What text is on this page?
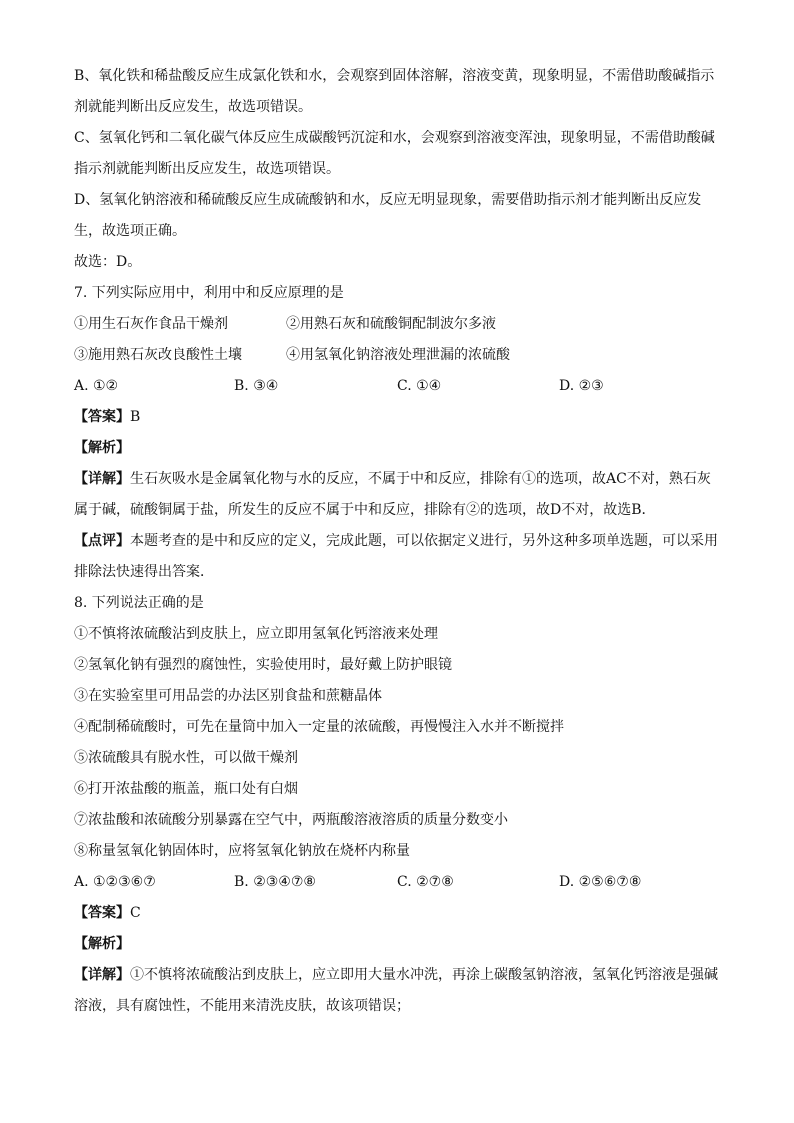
B、氧化铁和稀盐酸反应生成氯化铁和水，会观察到固体溶解，溶液变黄，现象明显，不需借助酸碱指示
剂就能判断出反应发生，故选项错误。
C、氢氧化钙和二氧化碳气体反应生成碳酸钙沉淀和水，会观察到溶液变浑浊，现象明显，不需借助酸碱
指示剂就能判断出反应发生，故选项错误。
D、氢氧化钠溶液和稀硫酸反应生成硫酸钠和水，反应无明显现象，需要借助指示剂才能判断出反应发
生，故选项正确。
故选：D。
7. 下列实际应用中，利用中和反应原理的是
①用生石灰作食品干燥剂	②用熟石灰和硫酸铜配制波尔多液
③施用熟石灰改良酸性土壤	④用氢氧化钠溶液处理泄漏的浓硫酸
A. ①②	B. ③④	C. ①④	D. ②③
【答案】B
【解析】
【详解】生石灰吸水是金属氧化物与水的反应，不属于中和反应，排除有①的选项，故AC不对，熟石灰
属于碱，硫酸铜属于盐，所发生的反应不属于中和反应，排除有②的选项，故D不对，故选B．
【点评】本题考查的是中和反应的定义，完成此题，可以依据定义进行，另外这种多项单选题，可以采用
排除法快速得出答案．
8. 下列说法正确的是
①不慎将浓硫酸沾到皮肤上，应立即用氢氧化钙溶液来处理
②氢氧化钠有强烈的腐蚀性，实验使用时，最好戴上防护眼镜
③在实验室里可用品尝的办法区别食盐和蔗糖晶体
④配制稀硫酸时，可先在量筒中加入一定量的浓硫酸，再慢慢注入水并不断搅拌
⑤浓硫酸具有脱水性，可以做干燥剂
⑥打开浓盐酸的瓶盖，瓶口处有白烟
⑦浓盐酸和浓硫酸分别暴露在空气中，两瓶酸溶液溶质的质量分数变小
⑧称量氢氧化钠固体时，应将氢氧化钠放在烧杯内称量
A. ①②③⑥⑦	B. ②③④⑦⑧	C. ②⑦⑧	D. ②⑤⑥⑦⑧
【答案】C
【解析】
【详解】①不慎将浓硫酸沾到皮肤上，应立即用大量水冲洗，再涂上碳酸氢钠溶液，氢氧化钙溶液是强碱
溶液，具有腐蚀性，不能用来清洗皮肤，故该项错误；
